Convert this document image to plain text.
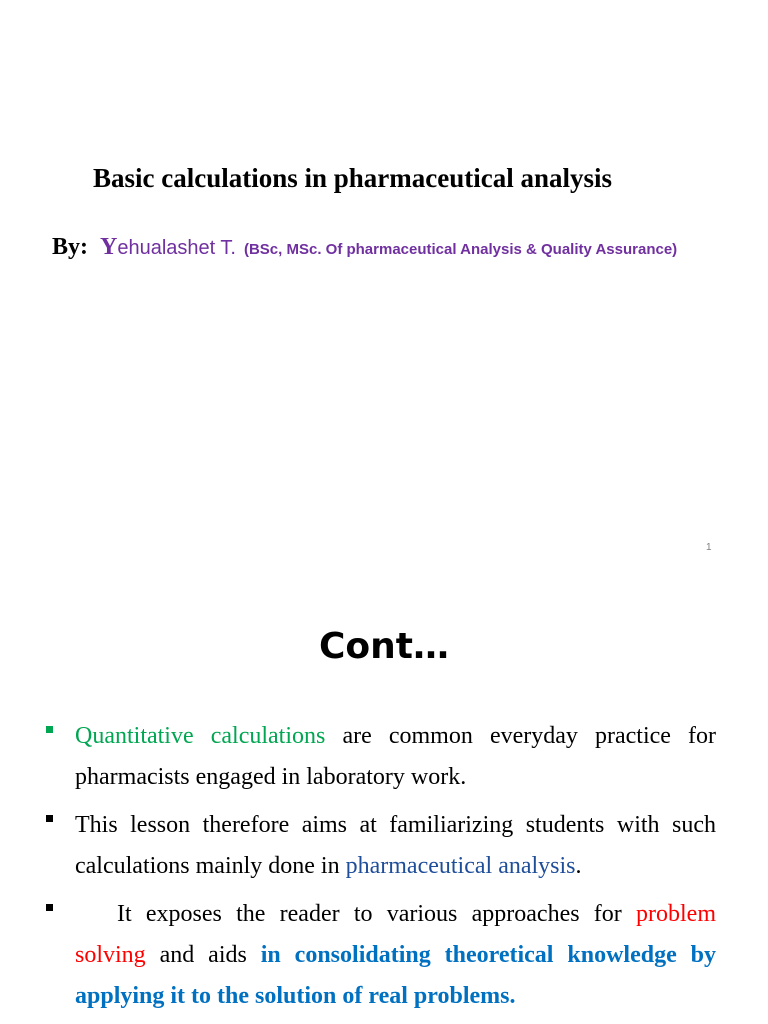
Basic calculations in pharmaceutical analysis
By: Yehualashet T. (BSc, MSc. Of pharmaceutical Analysis & Quality Assurance)
1
Cont…
Quantitative calculations are common everyday practice for pharmacists engaged in laboratory work.
This lesson therefore aims at familiarizing students with such calculations mainly done in pharmaceutical analysis.
It exposes the reader to various approaches for problem solving and aids in consolidating theoretical knowledge by applying it to the solution of real problems.
